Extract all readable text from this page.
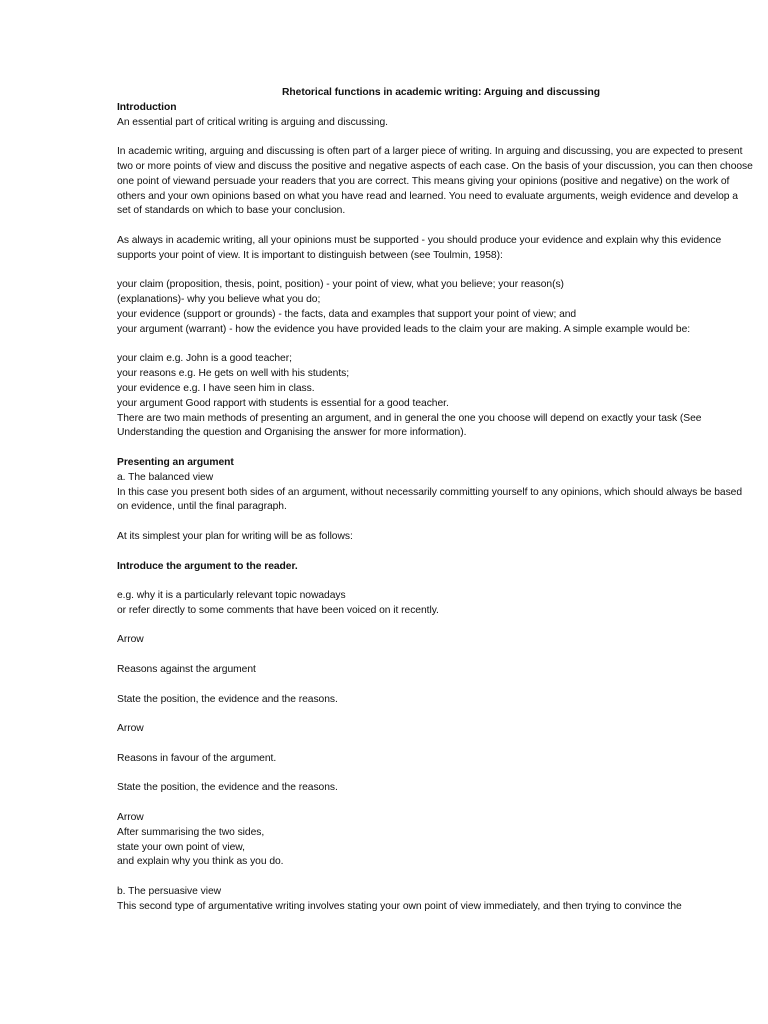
Rhetorical functions in academic writing: Arguing and discussing

Introduction

An essential part of critical writing is arguing and discussing.

In academic writing, arguing and discussing is often part of a larger piece of writing. In arguing and discussing, you are expected to present two or more points of view and discuss the positive and negative aspects of each case. On the basis of your discussion, you can then choose one point of viewand persuade your readers that you are correct. This means giving your opinions (positive and negative) on the work of others and your own opinions based on what you have read and learned. You need to evaluate arguments, weigh evidence and develop a set of standards on which to base your conclusion.

As always in academic writing, all your opinions must be supported - you should produce your evidence and explain why this evidence supports your point of view. It is important to distinguish between (see Toulmin, 1958):

your claim (proposition, thesis, point, position) - your point of view, what you believe; your reason(s)

(explanations)- why you believe what you do;

your evidence (support or grounds) - the facts, data and examples that support your point of view; and

your argument (warrant) - how the evidence you have provided leads to the claim your are making. A simple example would be:

your claim e.g. John is a good teacher;

your reasons e.g. He gets on well with his students;

your evidence e.g. I have seen him in class.

your argument Good rapport with students is essential for a good teacher.

There are two main methods of presenting an argument, and in general the one you choose will depend on exactly your task (See Understanding the question and Organising the answer for more information).

Presenting an argument

a. The balanced view

In this case you present both sides of an argument, without necessarily committing yourself to any opinions, which should always be based on evidence, until the final paragraph.

At its simplest your plan for writing will be as follows:

Introduce the argument to the reader.

e.g. why it is a particularly relevant topic nowadays

or refer directly to some comments that have been voiced on it recently.

Arrow

Reasons against the argument

State the position, the evidence and the reasons.

Arrow

Reasons in favour of the argument.

State the position, the evidence and the reasons.

Arrow

After summarising the two sides,

state your own point of view,

and explain why you think as you do.

b. The persuasive view

This second type of argumentative writing involves stating your own point of view immediately, and then trying to convince the
